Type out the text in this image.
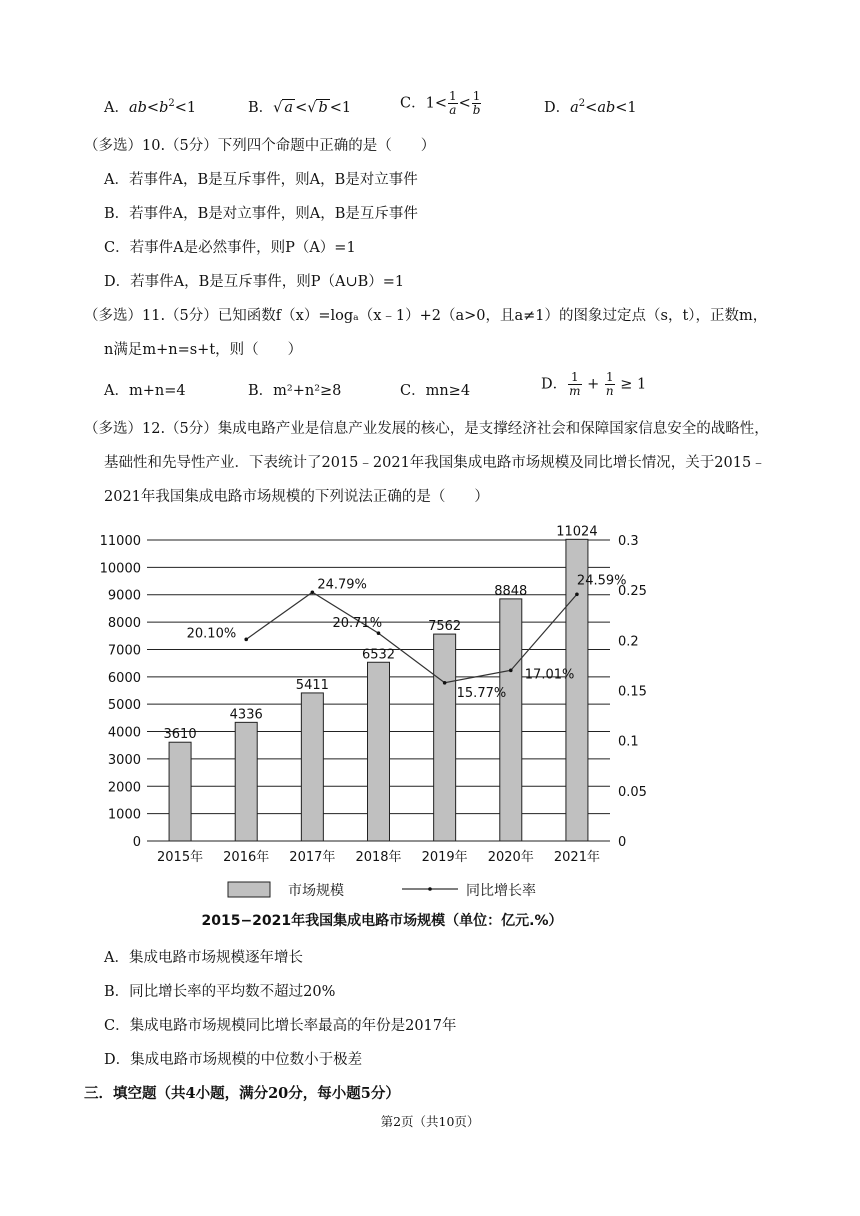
A．$ab<b^2<1$	B．√ a <√ b <1	C．$1< \frac{1}{a} < \frac{1}{b}$	D．$a^2<ab<1$
（多选）10.（5分）下列四个命题中正确的是（　　）
A．若事件A，B是互斥事件，则A，B是对立事件
B．若事件A，B是对立事件，则A，B是互斥事件
C．若事件A是必然事件，则P（A）=1
D．若事件A，B是互斥事件，则P（A∪B）=1
（多选）11.（5分）已知函数f（x）=logₐ（x﹣1）+2（a>0，且a≠1）的图象过定点（s，t），正数m，
n满足m+n=s+t，则（　　）
A．m+n=4	B．m²+n²≥8	C．mn≥4	D． $\frac{1}{m} + \frac{1}{n} \ge 1$
（多选）12.（5分）集成电路产业是信息产业发展的核心，是支撑经济社会和保障国家信息安全的战略性，
基础性和先导性产业．下表统计了2015﹣2021年我国集成电路市场规模及同比增长情况，关于2015﹣
2021年我国集成电路市场规模的下列说法正确的是（　　）
0
1000
2000
3000
4000
5000
6000
7000
8000
9000
10000
11000
0
0.05
0.1
0.15
0.2
0.25
0.3
3610
4336
5411
6532
7562
8848
11024
2015年 2016年 2017年 2018年 2019年 2020年 2021年
20.10%
24.79%
20.71%
15.77%
17.01%
24.59%
市场规模	同比增长率
2015−2021年我国集成电路市场规模（单位：亿元.%）
A．集成电路市场规模逐年增长
B．同比增长率的平均数不超过20%
C．集成电路市场规模同比增长率最高的年份是2017年
D．集成电路市场规模的中位数小于极差
三．填空题（共4小题，满分20分，每小题5分）
第2页（共10页）
